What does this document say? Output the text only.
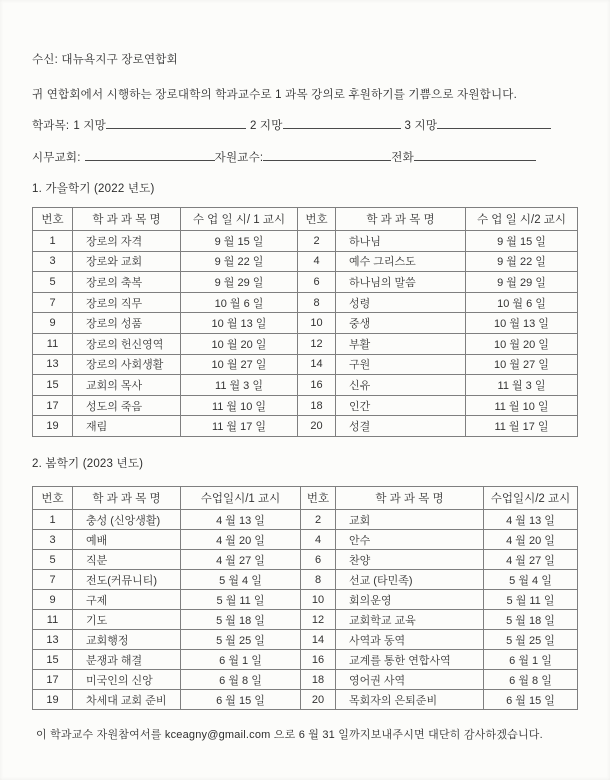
수신: 대뉴욕지구 장로연합회
귀 연합회에서 시행하는 장로대학의 학과교수로 1 과목 강의로 후원하기를 기쁨으로 자원합니다.
학과목: 1 지망	2 지망	3 지망
시무교회:	자원교수:	전화
1. 가을학기 (2022 년도)
번호	학 과 과 목 명	수 업 일 시/ 1 교시	번호	학 과 과 목 명	수 업 일 시/2 교시
1	장로의 자격	9 월 15 일	2	하나님	9 월 15 일
3	장로와 교회	9 월 22 일	4	예수 그리스도	9 월 22 일
5	장로의 축복	9 월 29 일	6	하나님의 말씀	9 월 29 일
7	장로의 직무	10 월 6 일	8	성령	10 월 6 일
9	장로의 성품	10 월 13 일	10	중생	10 월 13 일
11	장로의 헌신영역	10 월 20 일	12	부활	10 월 20 일
13	장로의 사회생활	10 월 27 일	14	구원	10 월 27 일
15	교회의 목사	11 월 3 일	16	신유	11 월 3 일
17	성도의 죽음	11 월 10 일	18	인간	11 월 10 일
19	재림	11 월 17 일	20	성결	11 월 17 일
2. 봄학기 (2023 년도)
번호	학 과 과 목 명	수업일시/1 교시	번호	학 과 과 목 명	수업일시/2 교시
1	충성 (신앙생활)	4 월 13 일	2	교회	4 월 13 일
3	예배	4 월 20 일	4	안수	4 월 20 일
5	직분	4 월 27 일	6	찬양	4 월 27 일
7	전도(커뮤니티)	5 월 4 일	8	선교 (타민족)	5 월 4 일
9	구제	5 월 11 일	10	회의운영	5 월 11 일
11	기도	5 월 18 일	12	교회학교 교육	5 월 18 일
13	교회행정	5 월 25 일	14	사역과 동역	5 월 25 일
15	분쟁과 해결	6 월 1 일	16	교계를 통한 연합사역	6 월 1 일
17	미국인의 신앙	6 월 8 일	18	영어권 사역	6 월 8 일
19	차세대 교회 준비	6 월 15 일	20	목회자의 은퇴준비	6 월 15 일
이 학과교수 자원참여서를 kceagny@gmail.com 으로 6 월 31 일까지보내주시면 대단히 감사하겠습니다.
